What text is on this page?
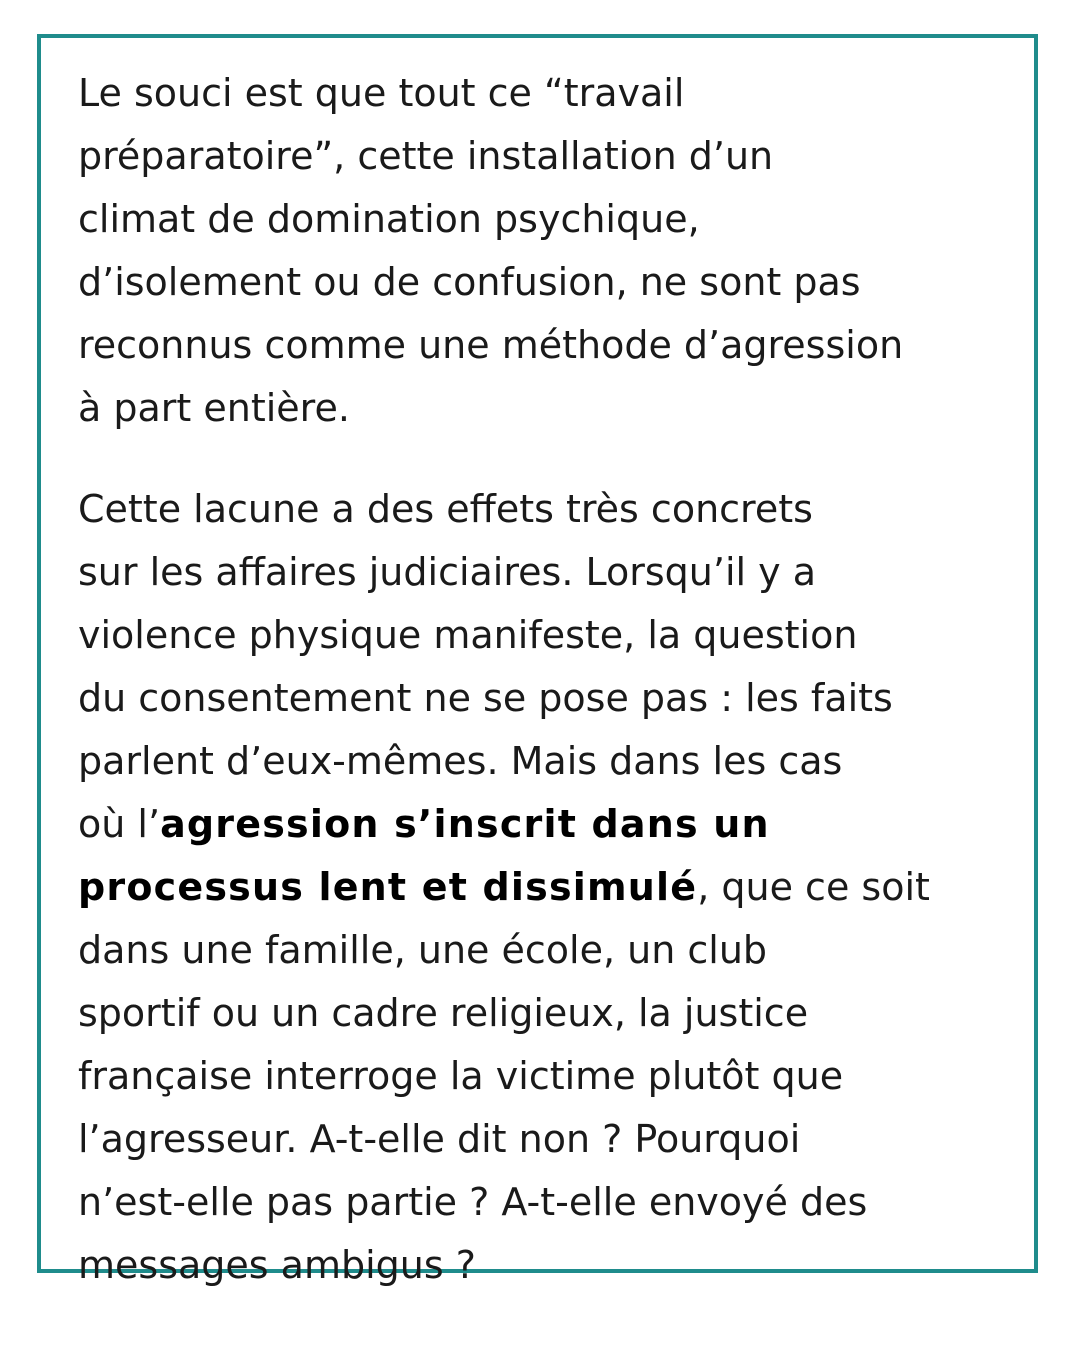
Le souci est que tout ce “travail
préparatoire”, cette installation d’un
climat de domination psychique,
d’isolement ou de confusion, ne sont pas
reconnus comme une méthode d’agression
à part entière.

Cette lacune a des effets très concrets
sur les affaires judiciaires. Lorsqu’il y a
violence physique manifeste, la question
du consentement ne se pose pas : les faits
parlent d’eux-mêmes. Mais dans les cas
où l’agression s’inscrit dans un
processus lent et dissimulé, que ce soit
dans une famille, une école, un club
sportif ou un cadre religieux, la justice
française interroge la victime plutôt que
l’agresseur. A-t-elle dit non ? Pourquoi
n’est-elle pas partie ? A-t-elle envoyé des
messages ambigus ?
